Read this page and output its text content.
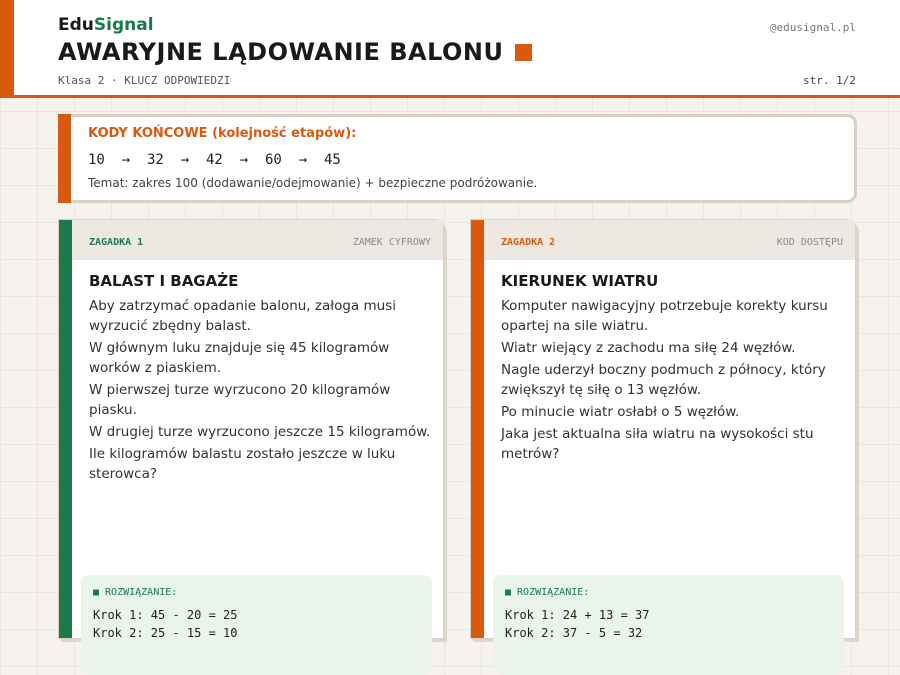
EduSignal	@edusignal.pl
AWARYJNE LĄDOWANIE BALONU
Klasa 2 · KLUCZ ODPOWIEDZI	str. 1/2
KODY KOŃCOWE (kolejność etapów):
10  →  32  →  42  →  60  →  45
Temat: zakres 100 (dodawanie/odejmowanie) + bezpieczne podróżowanie.
ZAGADKA 1	ZAMEK CYFROWY
BALAST I BAGAŻE

Aby zatrzymać opadanie balonu, załoga musi wyrzucić zbędny balast.

W głównym luku znajduje się 45 kilogramów worków z piaskiem.

W pierwszej turze wyrzucono 20 kilogramów piasku.

W drugiej turze wyrzucono jeszcze 15 kilogramów.

Ile kilogramów balastu zostało jeszcze w luku sterowca?

■ ROZWIĄZANIE:
Krok 1: 45 - 20 = 25
Krok 2: 25 - 15 = 10
ZAGADKA 2	KOD DOSTĘPU
KIERUNEK WIATRU

Komputer nawigacyjny potrzebuje korekty kursu opartej na sile wiatru.

Wiatr wiejący z zachodu ma siłę 24 węzłów.

Nagle uderzył boczny podmuch z północy, który zwiększył tę siłę o 13 węzłów.

Po minucie wiatr osłabł o 5 węzłów.

Jaka jest aktualna siła wiatru na wysokości stu metrów?

■ ROZWIĄZANIE:
Krok 1: 24 + 13 = 37
Krok 2: 37 - 5 = 32
